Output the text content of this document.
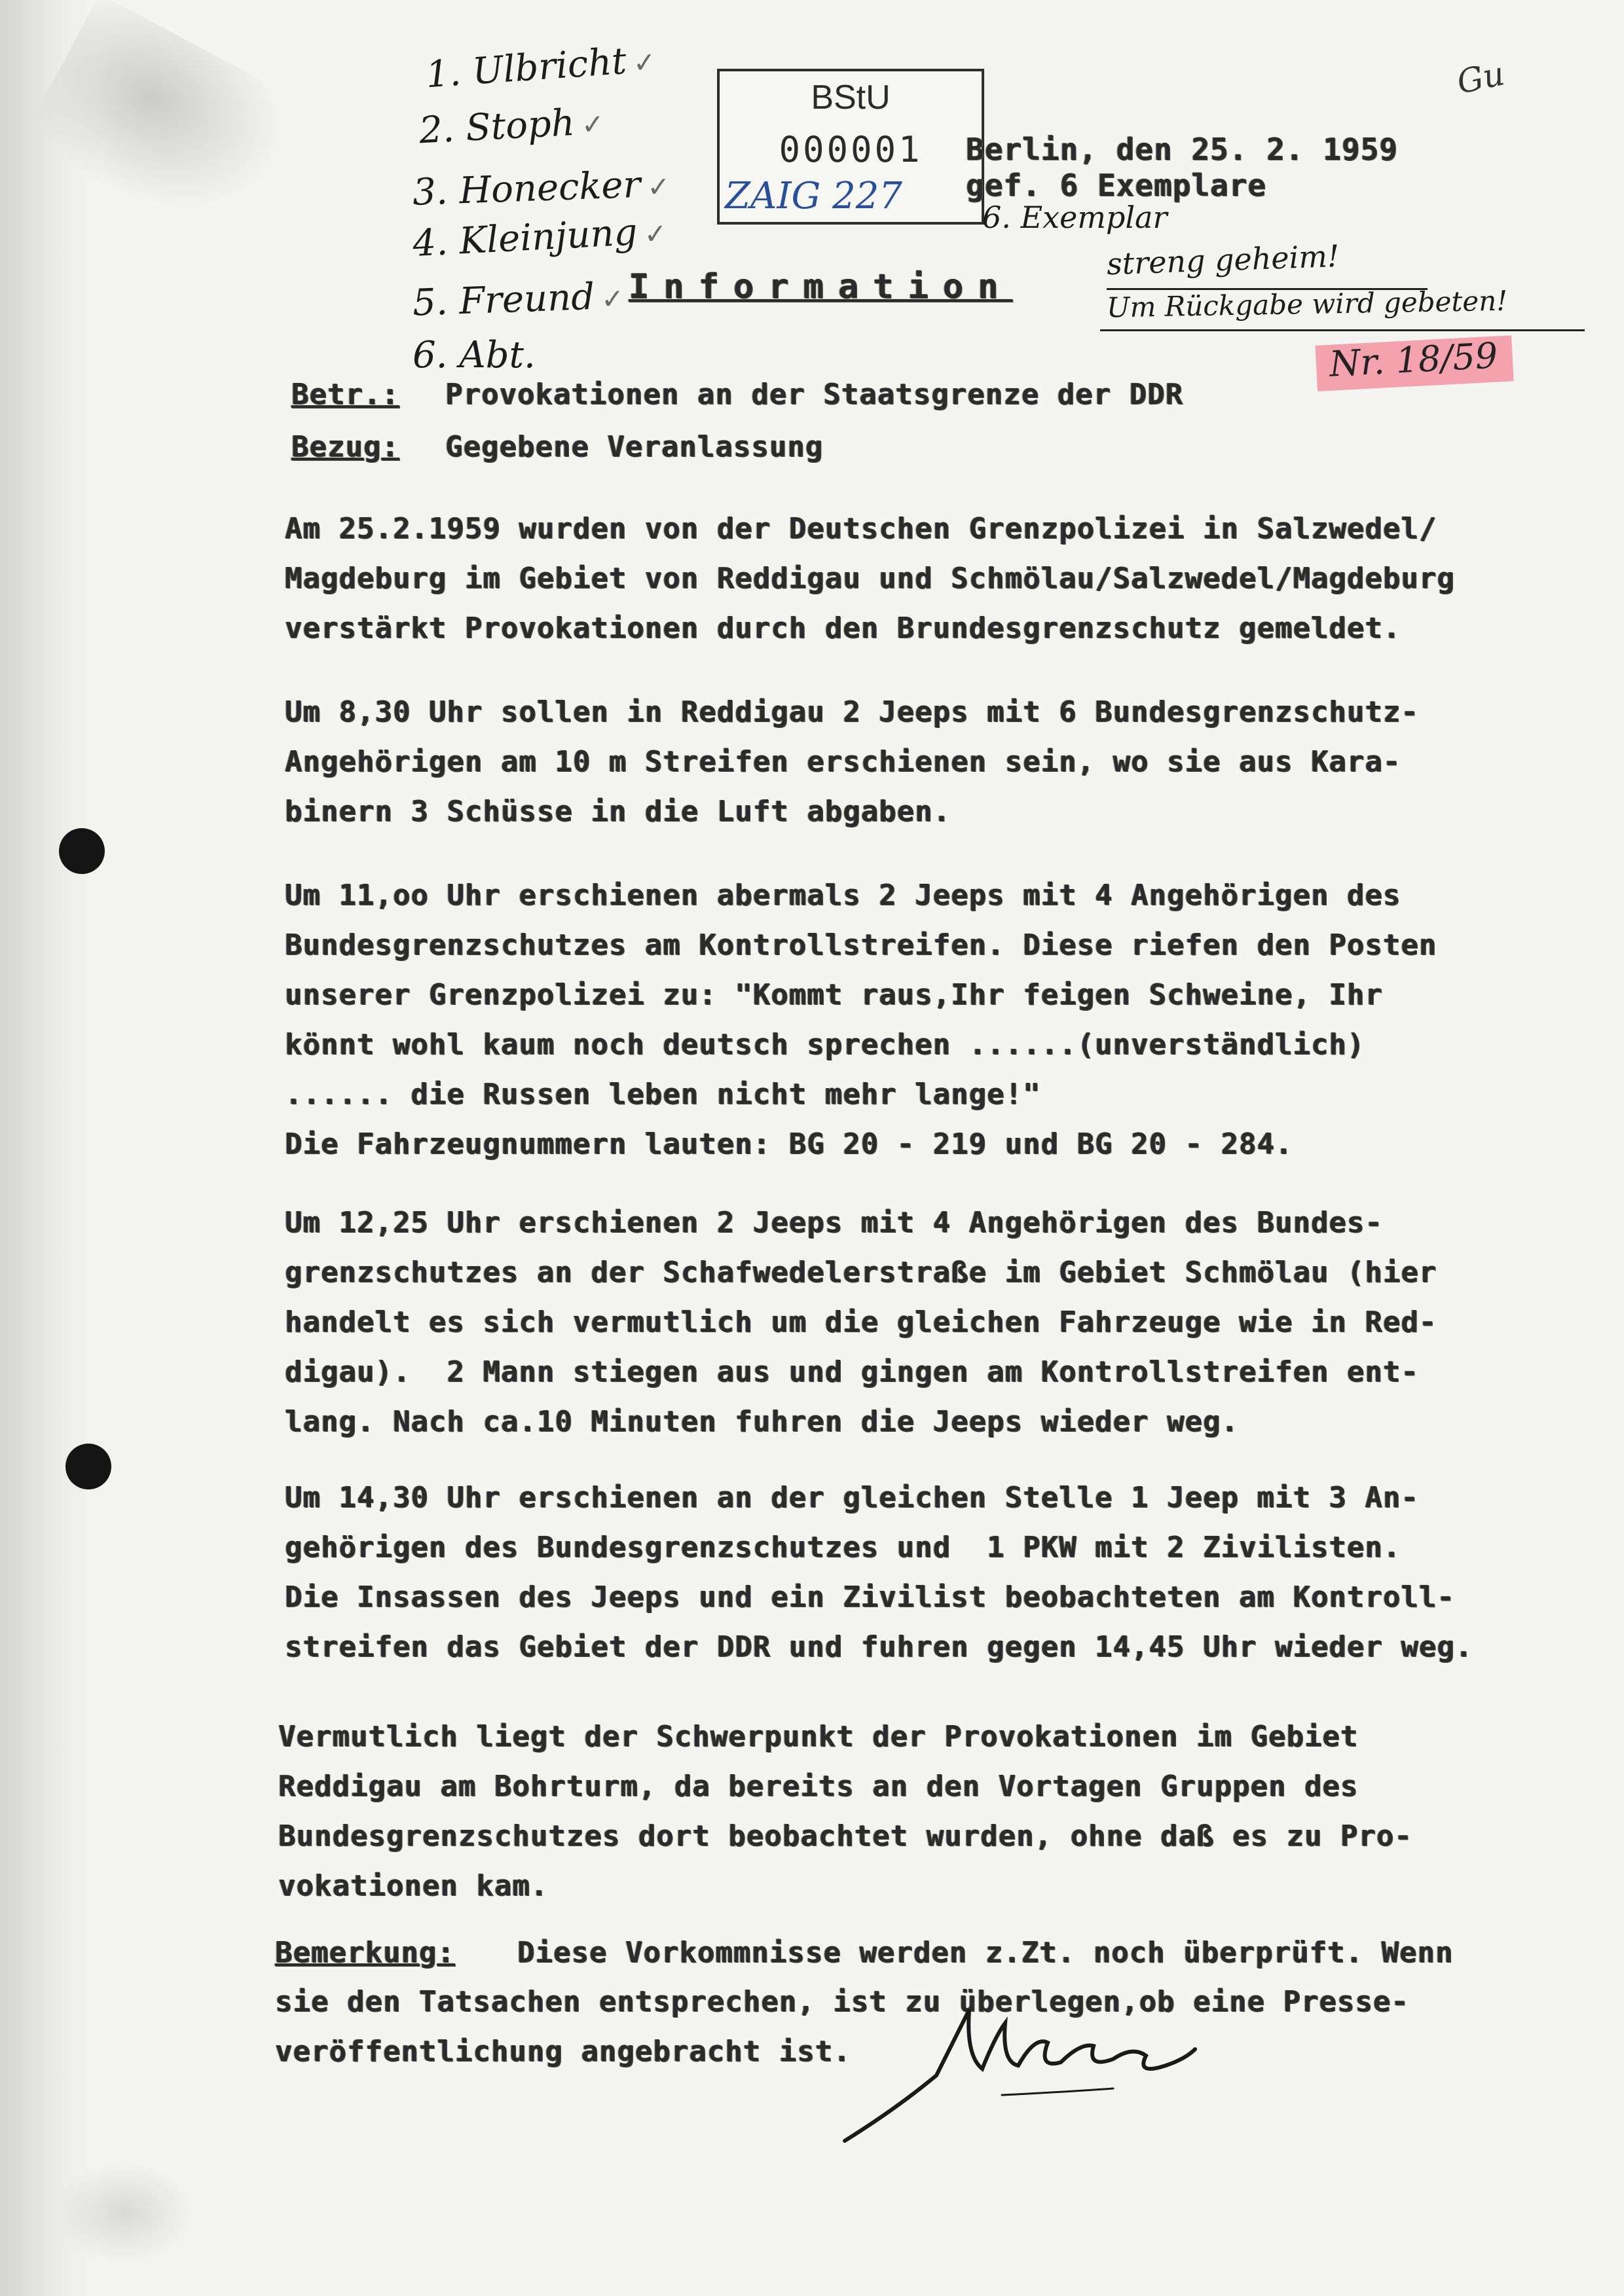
1. Ulbricht ✓
2. Stoph ✓
3. Honecker ✓
4. Kleinjung ✓
5. Freund ✓
6. Abt.
BStU
000001
ZAIG 227
Gu
Berlin, den 25. 2. 1959
gef. 6 Exemplare
6. Exemplar
Information
streng geheim!
Um Rückgabe wird gebeten!
Nr. 18/59
Betr.: Provokationen an der Staatsgrenze der DDR
Bezug: Gegebene Veranlassung
Am 25.2.1959 wurden von der Deutschen Grenzpolizei in Salzwedel/
Magdeburg im Gebiet von Reddigau und Schmölau/Salzwedel/Magdeburg
verstärkt Provokationen durch den Brundesgrenzschutz gemeldet.
Um 8,30 Uhr sollen in Reddigau 2 Jeeps mit 6 Bundesgrenzschutz-
Angehörigen am 10 m Streifen erschienen sein, wo sie aus Kara-
binern 3 Schüsse in die Luft abgaben.
Um 11,oo Uhr erschienen abermals 2 Jeeps mit 4 Angehörigen des
Bundesgrenzschutzes am Kontrollstreifen. Diese riefen den Posten
unserer Grenzpolizei zu: "Kommt raus,Ihr feigen Schweine, Ihr
könnt wohl kaum noch deutsch sprechen ......(unverständlich)
...... die Russen leben nicht mehr lange!"
Die Fahrzeugnummern lauten: BG 20 - 219 und BG 20 - 284.
Um 12,25 Uhr erschienen 2 Jeeps mit 4 Angehörigen des Bundes-
grenzschutzes an der Schafwedelerstraße im Gebiet Schmölau (hier
handelt es sich vermutlich um die gleichen Fahrzeuge wie in Red-
digau).  2 Mann stiegen aus und gingen am Kontrollstreifen ent-
lang. Nach ca.10 Minuten fuhren die Jeeps wieder weg.
Um 14,30 Uhr erschienen an der gleichen Stelle 1 Jeep mit 3 An-
gehörigen des Bundesgrenzschutzes und  1 PKW mit 2 Zivilisten.
Die Insassen des Jeeps und ein Zivilist beobachteten am Kontroll-
streifen das Gebiet der DDR und fuhren gegen 14,45 Uhr wieder weg.
Vermutlich liegt der Schwerpunkt der Provokationen im Gebiet
Reddigau am Bohrturm, da bereits an den Vortagen Gruppen des
Bundesgrenzschutzes dort beobachtet wurden, ohne daß es zu Pro-
vokationen kam.
Bemerkung: Diese Vorkommnisse werden z.Zt. noch überprüft. Wenn
sie den Tatsachen entsprechen, ist zu überlegen,ob eine Presse-
veröffentlichung angebracht ist.
